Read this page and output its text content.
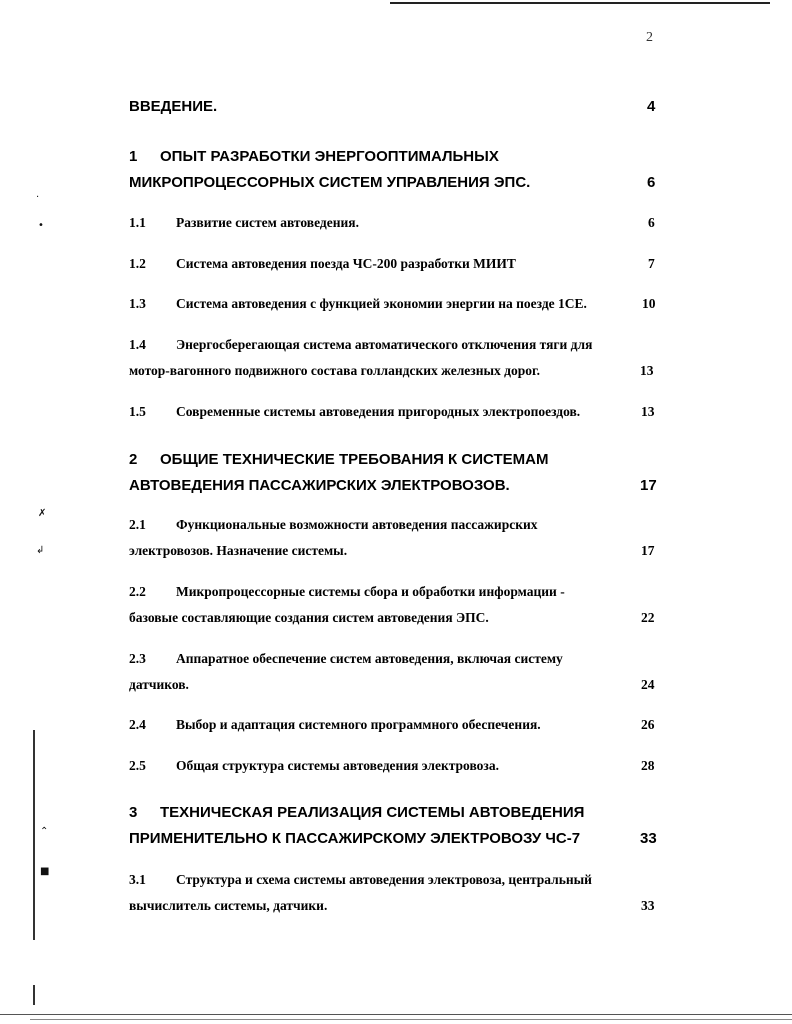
·
•
✗
↲
⌃
■
2
ВВЕДЕНИЕ.	4
1 ОПЫТ РАЗРАБОТКИ ЭНЕРГООПТИМАЛЬНЫХ
МИКРОПРОЦЕССОРНЫХ СИСТЕМ УПРАВЛЕНИЯ ЭПС.	6
1.1 Развитие систем автоведения.	6
1.2 Система автоведения поезда ЧС-200 разработки МИИТ	7
1.3 Система автоведения с функцией экономии энергии на поезде 1СЕ.	10
1.4 Энергосберегающая система автоматического отключения тяги для
мотор-вагонного подвижного состава голландских железных дорог.	13
1.5 Современные системы автоведения пригородных электропоездов.	13
2 ОБЩИЕ ТЕХНИЧЕСКИЕ ТРЕБОВАНИЯ К СИСТЕМАМ
АВТОВЕДЕНИЯ ПАССАЖИРСКИХ ЭЛЕКТРОВОЗОВ.	17
2.1 Функциональные возможности автоведения пассажирских
электровозов. Назначение системы.	17
2.2 Микропроцессорные системы сбора и обработки информации -
базовые составляющие создания систем автоведения ЭПС.	22
2.3 Аппаратное обеспечение систем автоведения, включая систему
датчиков.	24
2.4 Выбор и адаптация системного программного обеспечения.	26
2.5 Общая структура системы автоведения электровоза.	28
3 ТЕХНИЧЕСКАЯ РЕАЛИЗАЦИЯ СИСТЕМЫ АВТОВЕДЕНИЯ
ПРИМЕНИТЕЛЬНО К ПАССАЖИРСКОМУ ЭЛЕКТРОВОЗУ ЧС-7	33
3.1 Структура и схема системы автоведения электровоза, центральный
вычислитель системы, датчики.	33
